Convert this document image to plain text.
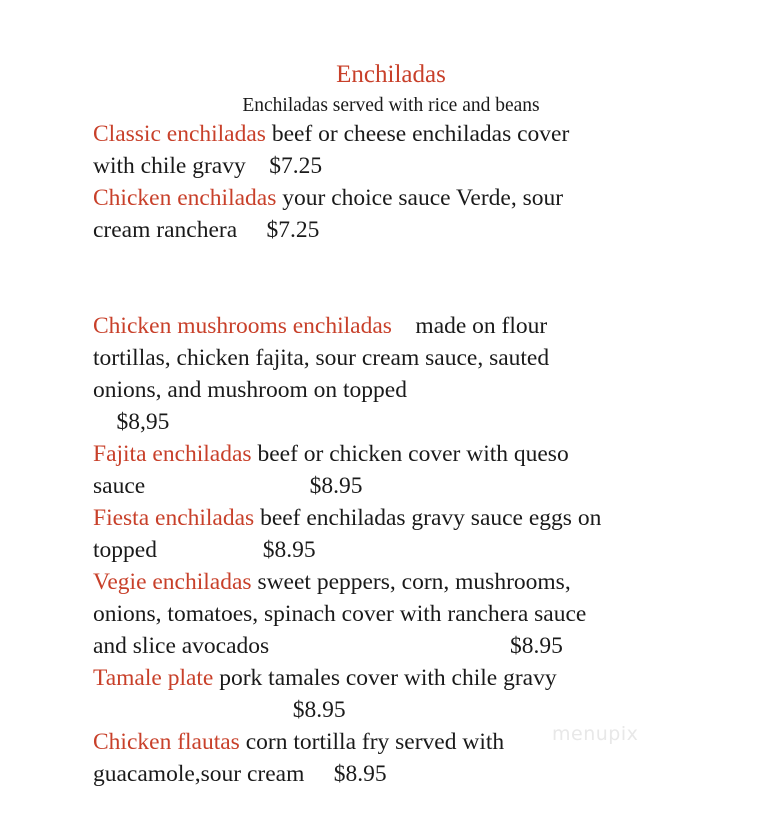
Enchiladas
Enchiladas served with rice and beans
Classic enchiladas beef or cheese enchiladas cover
with chile gravy    $7.25
Chicken enchiladas your choice sauce Verde, sour
cream ranchera     $7.25
Chicken mushrooms enchiladas    made on flour
tortillas, chicken fajita, sour cream sauce, sauted
onions, and mushroom on topped
$8,95
Fajita enchiladas beef or chicken cover with queso
sauce                            $8.95
Fiesta enchiladas beef enchiladas gravy sauce eggs on
topped                  $8.95
Vegie enchiladas sweet peppers, corn, mushrooms,
onions, tomatoes, spinach cover with ranchera sauce
and slice avocados                                         $8.95
Tamale plate pork tamales cover with chile gravy
$8.95
Chicken flautas corn tortilla fry served with
guacamole,sour cream     $8.95
menupix
